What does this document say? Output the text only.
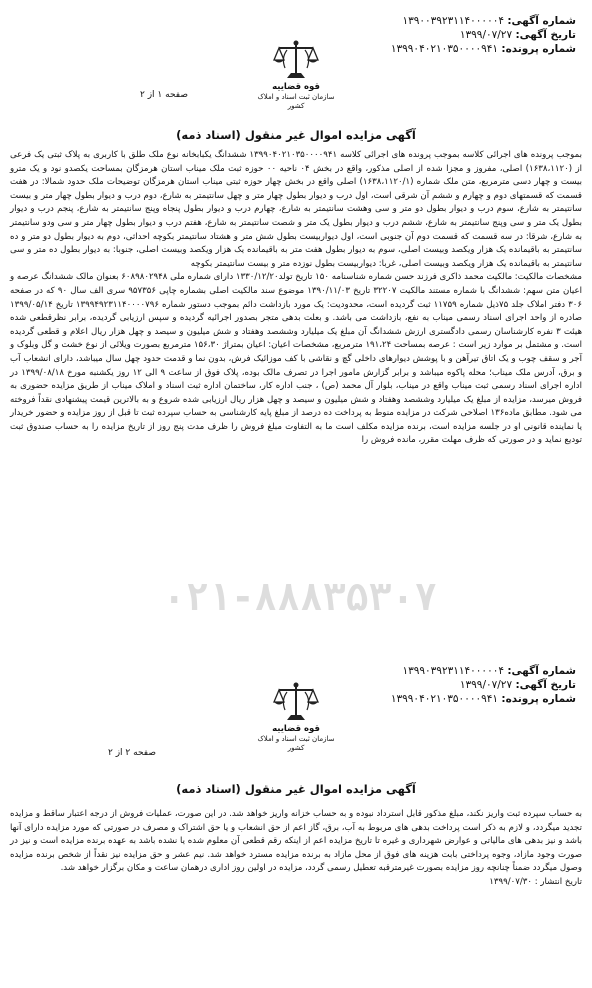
شماره آگهی: ۱۳۹۰۰۳۹۲۳۱۱۴۰۰۰۰۰۴
تاریخ آگهی: ۱۳۹۹/۰۷/۲۷
شماره پرونده: ۱۳۹۹۰۴۰۲۱۰۳۵۰۰۰۰۹۴۱
قوه قضاییه
سازمان ثبت اسناد و املاک کشور
صفحه ۱ از ۲
آگهی مزایده اموال غیر منقول (اسناد ذمه)

بموجب پرونده های اجرائی کلاسه بموجب پرونده های اجرائی کلاسه ۱۳۹۹۰۴۰۲۱۰۳۵۰۰۰۰۹۴۱ ششدانگ یکبابخانه نوع ملک طلق با کاربری به پلاک ثبتی یک فرعی از (۱۶۳۸،۱۱۲۰) اصلی، مفروز و مجزا شده از اصلی مذکور، واقع در بخش ۰۴ ناحیه ۰۰ حوزه ثبت ملک میناب استان هرمزگان بمساحت یکصدو نود و یک مترو بیست و چهار دسی مترمربع، متن ملک شماره (۱۶۳۸،۱۱۲۰/۱) اصلی واقع در بخش چهار حوزه ثبتی میناب استان هرمزگان توضیحات ملک حدود شمالا: در هفت قسمت که قسمتهای دوم و چهارم و ششم آن شرقی است، اول درب و دیوار بطول چهار متر و چهل سانتیمتر به شارع، دوم درب و دیوار بطول چهار متر و بیست سانتیمتر به شارع، سوم درب و دیوار بطول دو متر و سی وهشت سانتیمتر به شارع، چهارم درب و دیوار بطول پنجاه وپنج سانتیمتر به شارع، پنجم درب و دیوار بطول یک متر و سی وپنج سانتیمتر به شارع، ششم درب و دیوار بطول یک متر و شصت سانتیمتر به شارع، هفتم درب و دیوار بطول چهار متر و سی ودو سانتیمتر به شارع، شرقا: در سه قسمت که قسمت دوم آن جنوبی است، اول دیواربیست بطول شش متر و هشتاد سانتیمتر بکوچه احداثی، دوم به دیوار بطول دو متر و ده سانتیمتر به باقیمانده یک هزار ویکصد وبیست اصلی، سوم به دیوار بطول هفت متر به باقیمانده یک هزار ویکصد وبیست اصلی، جنوبا: به دیوار بطول ده متر و سی سانتیمتر به باقیمانده یک هزار ویکصد وبیست اصلی، غربا: دیواربیست بطول نوزده متر و بیست سانتیمتر بکوچه

مشخصات مالکیت: مالکیت محمد ذاکری فرزند حسن شماره شناسنامه ۱۵۰ تاریخ تولد۱۳۳۰/۱۲/۲۰ دارای شماره ملی ۶۰۸۹۸۰۲۹۴۸ بعنوان مالک ششدانگ عرصه و اعیان متن سهم: ششدانگ با شماره مستند مالکیت ۳۲۲۰۷ تاریخ ۱۳۹۰/۱۱/۰۳ موضوع سند مالکیت اصلی بشماره چاپی ۹۵۷۳۵۶ سری الف سال ۹۰ که در صفحه ۳۰۶ دفتر املاک جلد ۷۵ذیل شماره ۱۱۷۵۹ ثبت گردیده است، محدودیت: یک مورد بازداشت دائم بموجب دستور شماره ۱۳۹۹۴۹۲۳۱۱۴۰۰۰۰۷۹۶ تاریخ ۱۳۹۹/۰۵/۱۴ صادره از واحد اجرای اسناد رسمی میناب به نفع، بازداشت می باشد. و بعلت بدهی متجر بصدور اجرائیه گردیده و سپس ارزیابی گردیده، برابر نظرقطعی شده هیئت ۳ نفره کارشناسان رسمی دادگستری ارزش ششدانگ آن مبلغ یک میلیارد وششصد وهفتاد و شش میلیون و سیصد و چهل هزار ریال اعلام و قطعی گردیده است. و مشتمل بر موارد زیر است : عرصه بمساحت ۱۹۱،۲۴ مترمربع، مشخصات اعیان: اعیان بمتراژ ۱۵۶،۳۰ مترمربع بصورت ویلائی از نوع خشت و گل وبلوک و آجر و سقف چوب و یک اتاق تیرآهن و با پوشش دیوارهای داخلی گچ و نقاشی با کف موزائیک فرش، بدون نما و قدمت حدود چهل سال میباشد، دارای انشعاب آب و برق، آدرس ملک میناب؛ محله پاکوه میباشد و برابر گزارش مامور اجرا در تصرف مالک بوده، پلاک فوق از ساعت ۹ الی ۱۲ روز یکشنبه مورخ ۱۳۹۹/۰۸/۱۸ در اداره اجرای اسناد رسمی ثبت میناب واقع در میناب، بلوار آل محمد (ص) ، جنب اداره کار، ساختمان اداره ثبت اسناد و املاک میناب از طریق مزایده حضوری به فروش میرسد، مزایده از مبلغ یک میلیارد وششصد وهفتاد و شش میلیون و سیصد و چهل هزار ریال ارزیابی شده شروع و به بالاترین قیمت پیشنهادی نقداً فروخته می شود. مطابق ماده۱۳۶ اصلاحی شرکت در مزایده منوط به پرداخت ده درصد از مبلغ پایه کارشناسی به حساب سپرده ثبت تا قبل از روز مزایده و حضور خریدار یا نماینده قانونی او در جلسه مزایده است، برنده مزایده مکلف است ما به التفاوت مبلغ فروش را ظرف مدت پنج روز از تاریخ مزایده را به حساب صندوق ثبت تودیع نماید و در صورتی که ظرف مهلت مقرر، مانده فروش را

۰۲۱-۸۸۸۳۵۳۰۷
شماره آگهی: ۱۳۹۹۰۳۹۲۳۱۱۴۰۰۰۰۰۴
تاریخ آگهی: ۱۳۹۹/۰۷/۲۷
شماره پرونده: ۱۳۹۹۰۴۰۲۱۰۳۵۰۰۰۰۹۴۱
قوه قضاییه
سازمان ثبت اسناد و املاک کشور
صفحه ۲ از ۲
آگهی مزایده اموال غیر منقول (اسناد ذمه)

به حساب سپرده ثبت واریز نکند، مبلغ مذکور قابل استرداد نبوده و به حساب خزانه واریز خواهد شد. در این صورت، عملیات فروش از درجه اعتبار ساقط و مزایده تجدید میگردد، و لازم به ذکر است پرداخت بدهی های مربوط به آب، برق، گاز اعم از حق انشعاب و یا حق اشتراک و مصرف در صورتی که مورد مزایده دارای آنها باشد و نیز بدهی های مالیاتی و عوارض شهرداری و غیره تا تاریخ مزایده اعم از اینکه رقم قطعی آن معلوم شده یا نشده باشد به عهده برنده مزایده است و نیز در صورت وجود مازاد، وجوه پرداختی بابت هزینه های فوق از محل مازاد به برنده مزایده مسترد خواهد شد. نیم عشر و حق مزایده نیز نقداً از شخص برنده مزایده وصول میگردد ضمناً چنانچه روز مزایده بصورت غیرمترقبه تعطیل رسمی گردد، مزایده در اولین روز اداری درهمان ساعت و مکان برگزار خواهد شد.

تاریخ انتشار : ۱۳۹۹/۰۷/۳۰
